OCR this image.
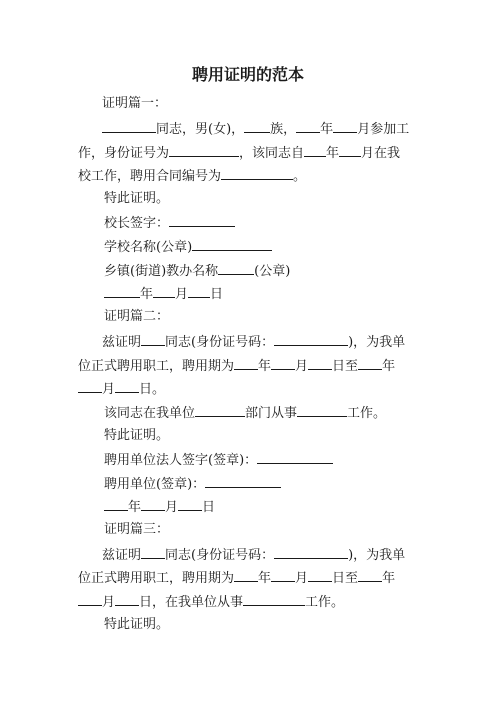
聘用证明的范本
证明篇一：
同志，男(女)， 族， 年 月参加工
作，身份证号为	，该同志自 年 月在我
校工作，聘用合同编号为	。
特此证明。
校长签字：
学校名称(公章)
乡镇(街道)教办名称	(公章)
年 月 日
证明篇二：
兹证明 同志(身份证号码：	)，为我单
位正式聘用职工，聘用期为 年 月 日至 年
月 日。
该同志在我单位	部门从事	工作。
特此证明。
聘用单位法人签字(签章)：
聘用单位(签章)：
年 月 日
证明篇三：
兹证明 同志(身份证号码：	)，为我单
位正式聘用职工，聘用期为 年 月 日至 年
月 日，在我单位从事	工作。
特此证明。
